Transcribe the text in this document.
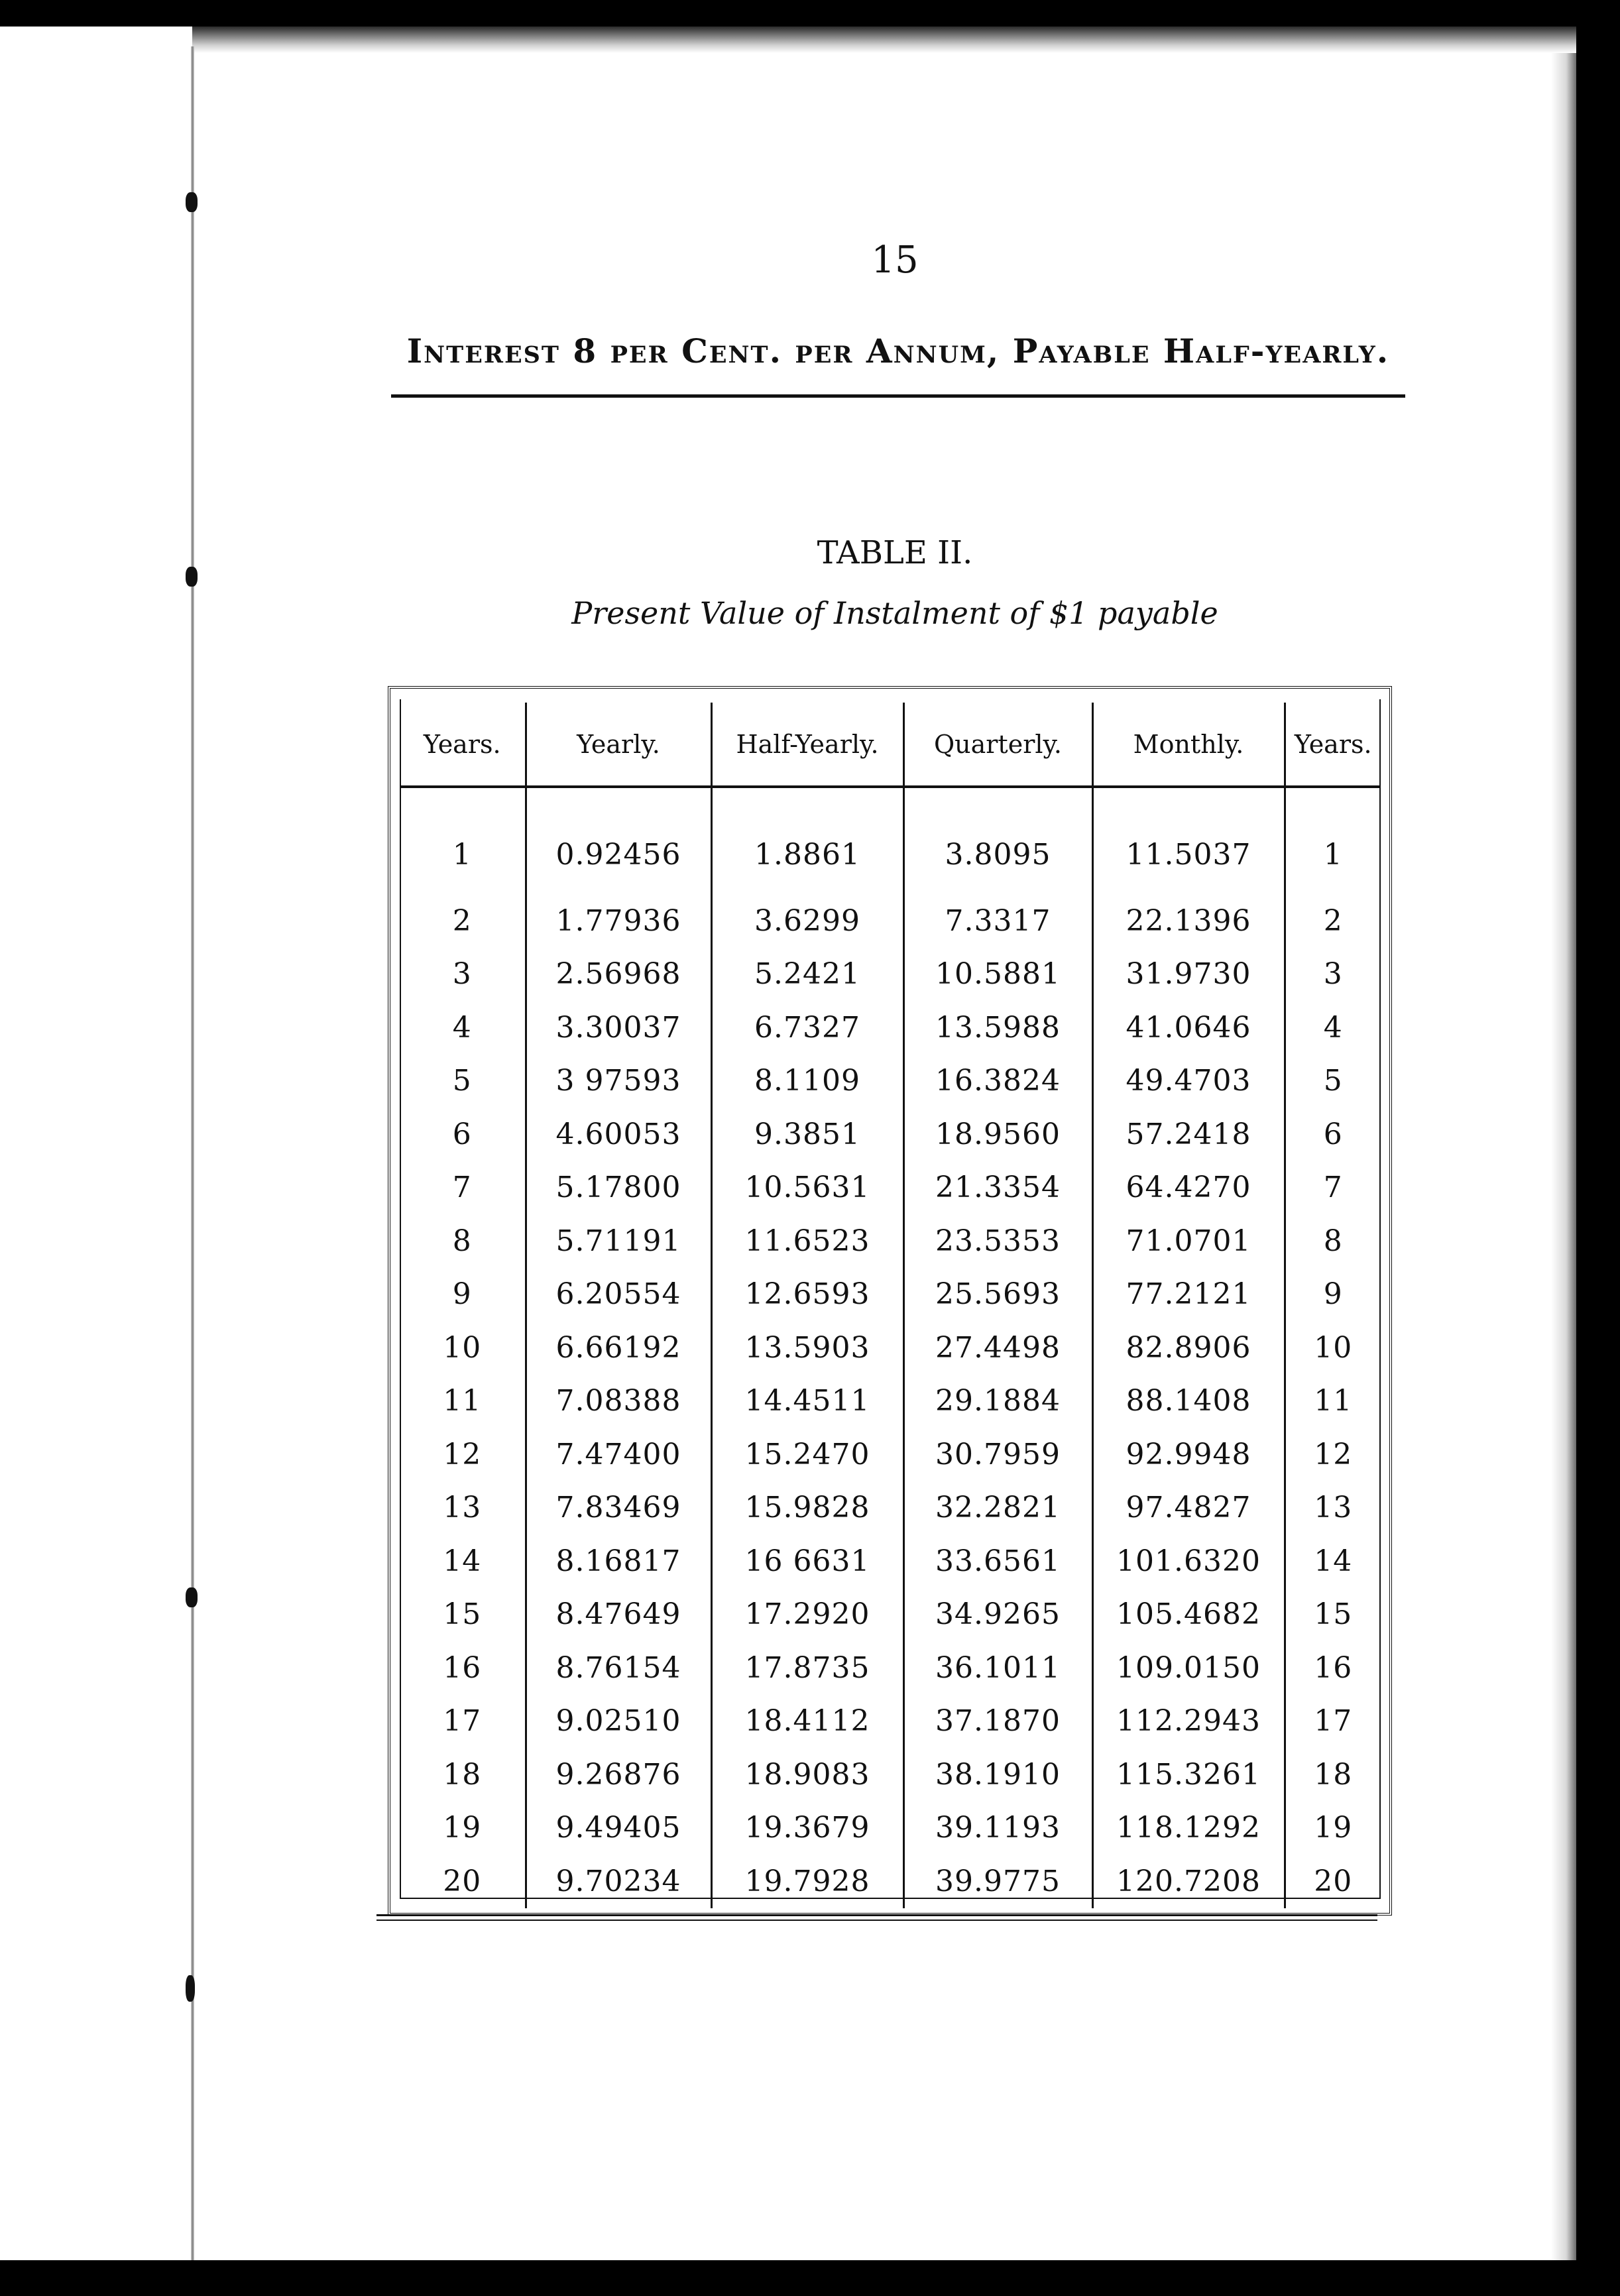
15
Interest 8 per Cent. per Annum, Payable Half-yearly.
TABLE II.
Present Value of Instalment of $1 payable
Years.	Yearly.	Half-Yearly.	Quarterly.	Monthly.	Years.
1	0.92456	1.8861	3.8095	11.5037	1
2	1.77936	3.6299	7.3317	22.1396	2
3	2.56968	5.2421	10.5881	31.9730	3
4	3.30037	6.7327	13.5988	41.0646	4
5	3 97593	8.1109	16.3824	49.4703	5
6	4.60053	9.3851	18.9560	57.2418	6
7	5.17800	10.5631	21.3354	64.4270	7
8	5.71191	11.6523	23.5353	71.0701	8
9	6.20554	12.6593	25.5693	77.2121	9
10	6.66192	13.5903	27.4498	82.8906	10
11	7.08388	14.4511	29.1884	88.1408	11
12	7.47400	15.2470	30.7959	92.9948	12
13	7.83469	15.9828	32.2821	97.4827	13
14	8.16817	16 6631	33.6561	101.6320	14
15	8.47649	17.2920	34.9265	105.4682	15
16	8.76154	17.8735	36.1011	109.0150	16
17	9.02510	18.4112	37.1870	112.2943	17
18	9.26876	18.9083	38.1910	115.3261	18
19	9.49405	19.3679	39.1193	118.1292	19
20	9.70234	19.7928	39.9775	120.7208	20
